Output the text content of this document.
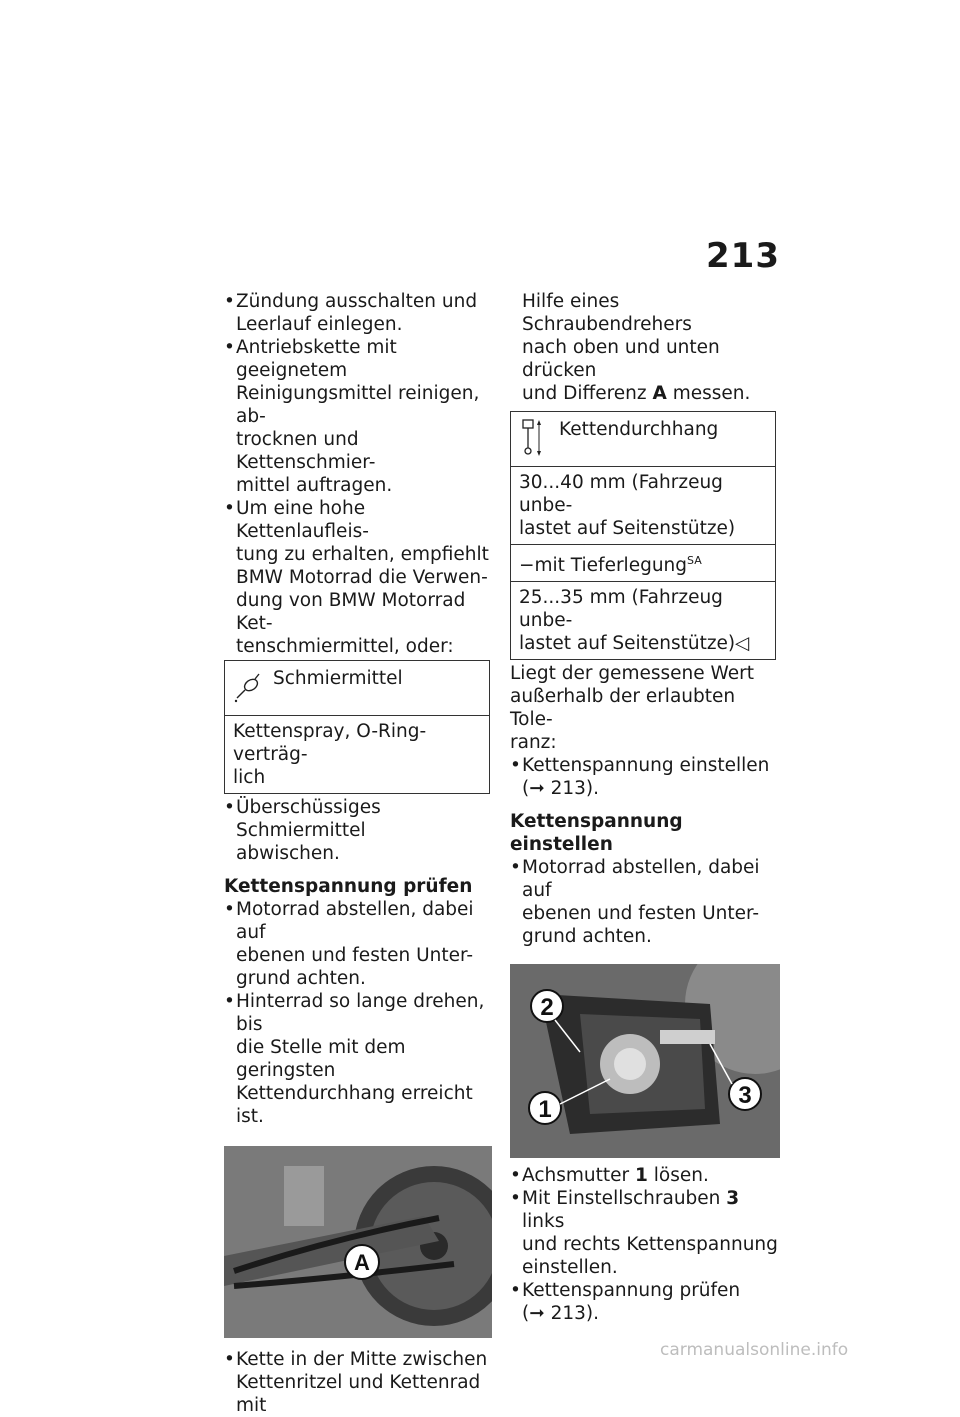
213
• Zündung ausschalten und
Leerlauf einlegen.
• Antriebskette mit geeignetem
Reinigungsmittel reinigen, ab-
trocknen und Kettenschmier-
mittel auftragen.
• Um eine hohe Kettenlaufleis-
tung zu erhalten, empfiehlt
BMW Motorrad die Verwen-
dung von BMW Motorrad Ket-
tenschmiermittel, oder:
Schmiermittel
Kettenspray, O-Ring-verträg-
lich
• Überschüssiges Schmiermittel
abwischen.
Kettenspannung prüfen
• Motorrad abstellen, dabei auf
ebenen und festen Unter-
grund achten.
• Hinterrad so lange drehen, bis
die Stelle mit dem geringsten
Kettendurchhang erreicht ist.
A
• Kette in der Mitte zwischen
Kettenritzel und Kettenrad mit
Hilfe eines Schraubendrehers
nach oben und unten drücken
und Differenz A messen.
Kettendurchhang
30...40 mm (Fahrzeug unbe-
lastet auf Seitenstütze)
−mit Tieferlegung$^{SA}$
25...35 mm (Fahrzeug unbe-
lastet auf Seitenstütze)◁
Liegt der gemessene Wert
außerhalb der erlaubten Tole-
ranz:
• Kettenspannung einstellen
(➞ 213).
Kettenspannung einstellen
• Motorrad abstellen, dabei auf
ebenen und festen Unter-
grund achten.
2
1
3
• Achsmutter 1 lösen.
• Mit Einstellschrauben 3 links
und rechts Kettenspannung
einstellen.
• Kettenspannung prüfen
(➞ 213).
carmanualsonline.info
